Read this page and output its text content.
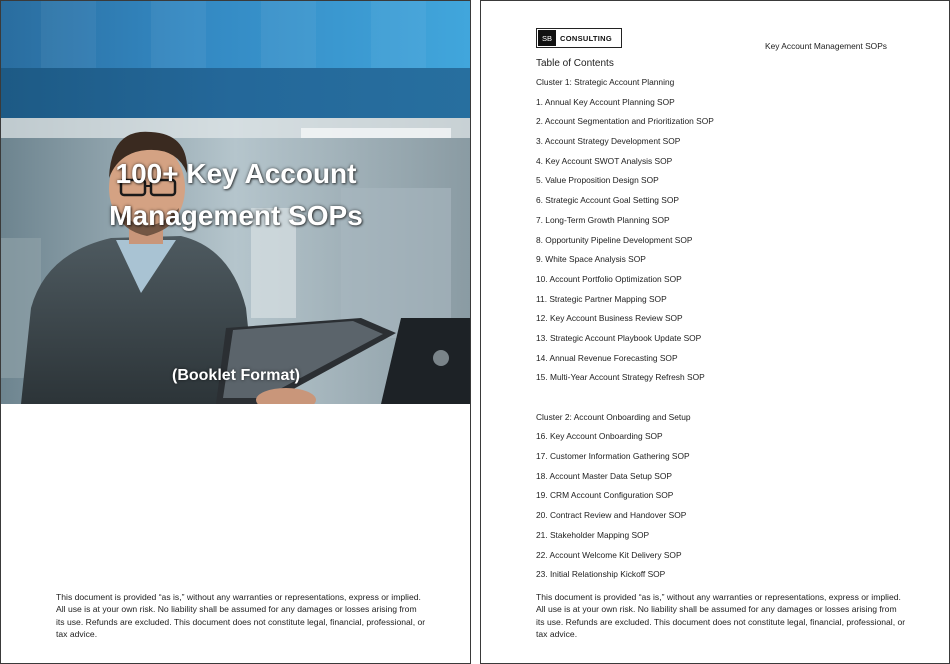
100+ Key Account
Management SOPs
(Booklet Format)
This document is provided “as is,” without any warranties or representations, express or implied. All use is at your own risk. No liability shall be assumed for any damages or losses arising from its use. Refunds are excluded. This document does not constitute legal, financial, professional, or tax advice.
SB	CONSULTING
Key Account Management SOPs
Table of Contents
Cluster 1: Strategic Account Planning
1. Annual Key Account Planning SOP
2. Account Segmentation and Prioritization SOP
3. Account Strategy Development SOP
4. Key Account SWOT Analysis SOP
5. Value Proposition Design SOP
6. Strategic Account Goal Setting SOP
7. Long-Term Growth Planning SOP
8. Opportunity Pipeline Development SOP
9. White Space Analysis SOP
10. Account Portfolio Optimization SOP
11. Strategic Partner Mapping SOP
12. Key Account Business Review SOP
13. Strategic Account Playbook Update SOP
14. Annual Revenue Forecasting SOP
15. Multi-Year Account Strategy Refresh SOP
Cluster 2: Account Onboarding and Setup
16. Key Account Onboarding SOP
17. Customer Information Gathering SOP
18. Account Master Data Setup SOP
19. CRM Account Configuration SOP
20. Contract Review and Handover SOP
21. Stakeholder Mapping SOP
22. Account Welcome Kit Delivery SOP
23. Initial Relationship Kickoff SOP
This document is provided “as is,” without any warranties or representations, express or implied. All use is at your own risk. No liability shall be assumed for any damages or losses arising from its use. Refunds are excluded. This document does not constitute legal, financial, professional, or tax advice.
